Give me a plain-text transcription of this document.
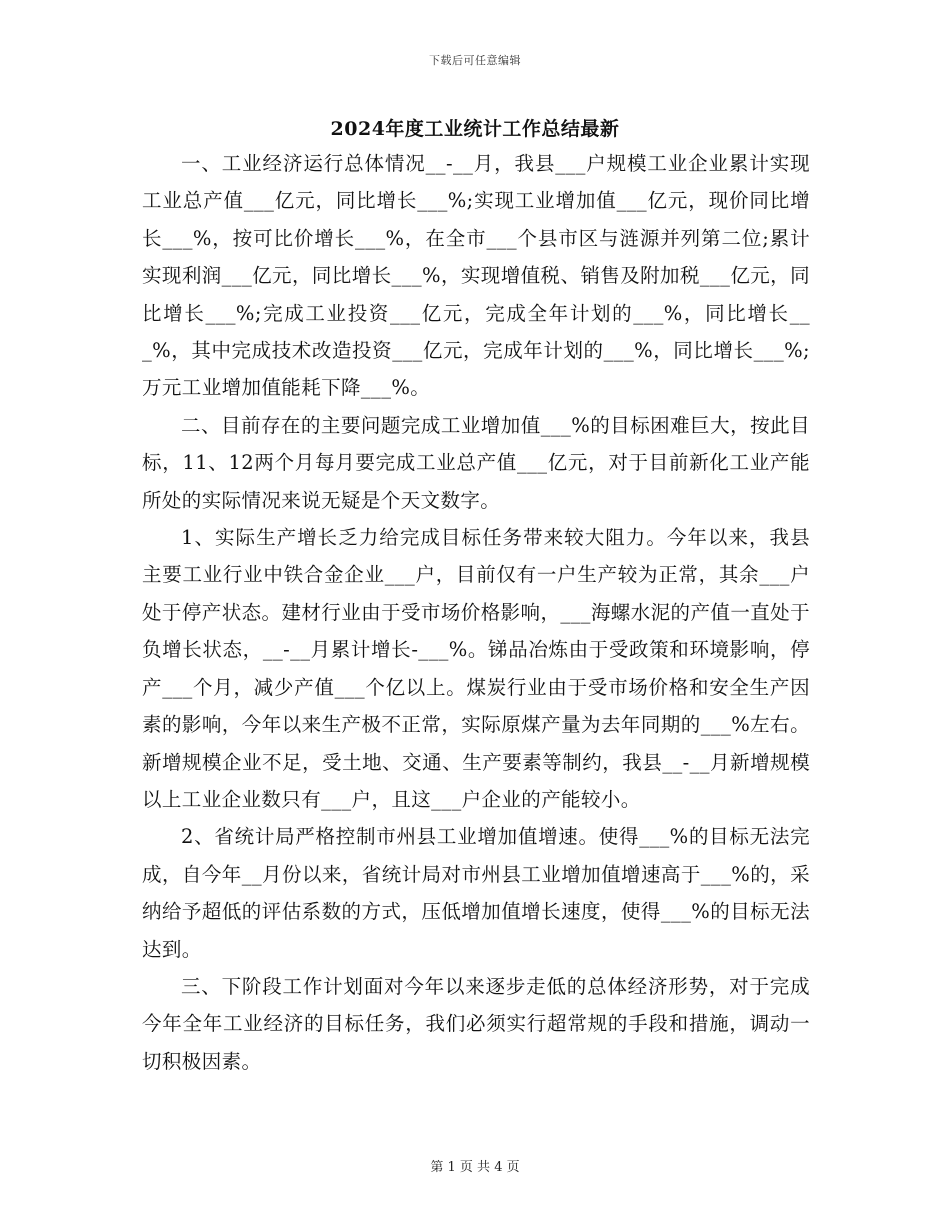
下载后可任意编辑
2024年度工业统计工作总结最新

一、工业经济运行总体情况__-__月，我县___户规模工业企业累计实现工业总产值___亿元，同比增长___%;实现工业增加值___亿元，现价同比增长___%，按可比价增长___%，在全市___个县市区与涟源并列第二位;累计实现利润___亿元，同比增长___%，实现增值税、销售及附加税___亿元，同比增长___%;完成工业投资___亿元，完成全年计划的___%，同比增长___%，其中完成技术改造投资___亿元，完成年计划的___%，同比增长___%;万元工业增加值能耗下降___%。

二、目前存在的主要问题完成工业增加值___%的目标困难巨大，按此目标，11、12两个月每月要完成工业总产值___亿元，对于目前新化工业产能所处的实际情况来说无疑是个天文数字。

1、实际生产增长乏力给完成目标任务带来较大阻力。今年以来，我县主要工业行业中铁合金企业___户，目前仅有一户生产较为正常，其余___户处于停产状态。建材行业由于受市场价格影响，___海螺水泥的产值一直处于负增长状态，__-__月累计增长-___%。锑品冶炼由于受政策和环境影响，停产___个月，减少产值___个亿以上。煤炭行业由于受市场价格和安全生产因素的影响，今年以来生产极不正常，实际原煤产量为去年同期的___%左右。新增规模企业不足，受土地、交通、生产要素等制约，我县__-__月新增规模以上工业企业数只有___户，且这___户企业的产能较小。

2、省统计局严格控制市州县工业增加值增速。使得___%的目标无法完成，自今年__月份以来，省统计局对市州县工业增加值增速高于___%的，采纳给予超低的评估系数的方式，压低增加值增长速度，使得___%的目标无法达到。

三、下阶段工作计划面对今年以来逐步走低的总体经济形势，对于完成今年全年工业经济的目标任务，我们必须实行超常规的手段和措施，调动一切积极因素。

第 1 页 共 4 页
